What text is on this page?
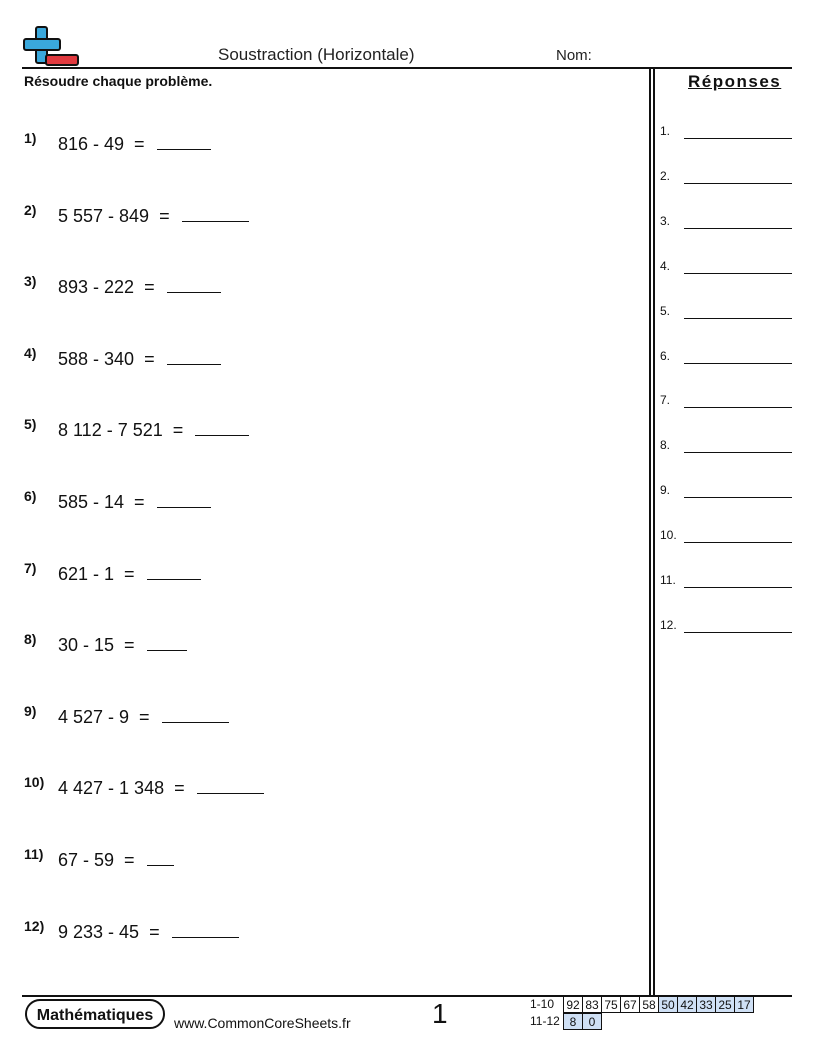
Soustraction (Horizontale)	Nom:
Résoudre chaque problème.	Réponses
1) 816 - 49  =
2) 5 557 - 849  =
3) 893 - 222  =
4) 588 - 340  =
5) 8 112 - 7 521  =
6) 585 - 14  =
7) 621 - 1  =
8) 30 - 15  =
9) 4 527 - 9  =
10) 4 427 - 1 348  =
11) 67 - 59  =
12) 9 233 - 45  =
1.
2.
3.
4.
5.
6.
7.
8.
9.
10.
11.
12.
Mathématiques	www.CommonCoreSheets.fr	1	1-10	92 83 75 67 58 50 42 33 25 17
11-12 8	0
